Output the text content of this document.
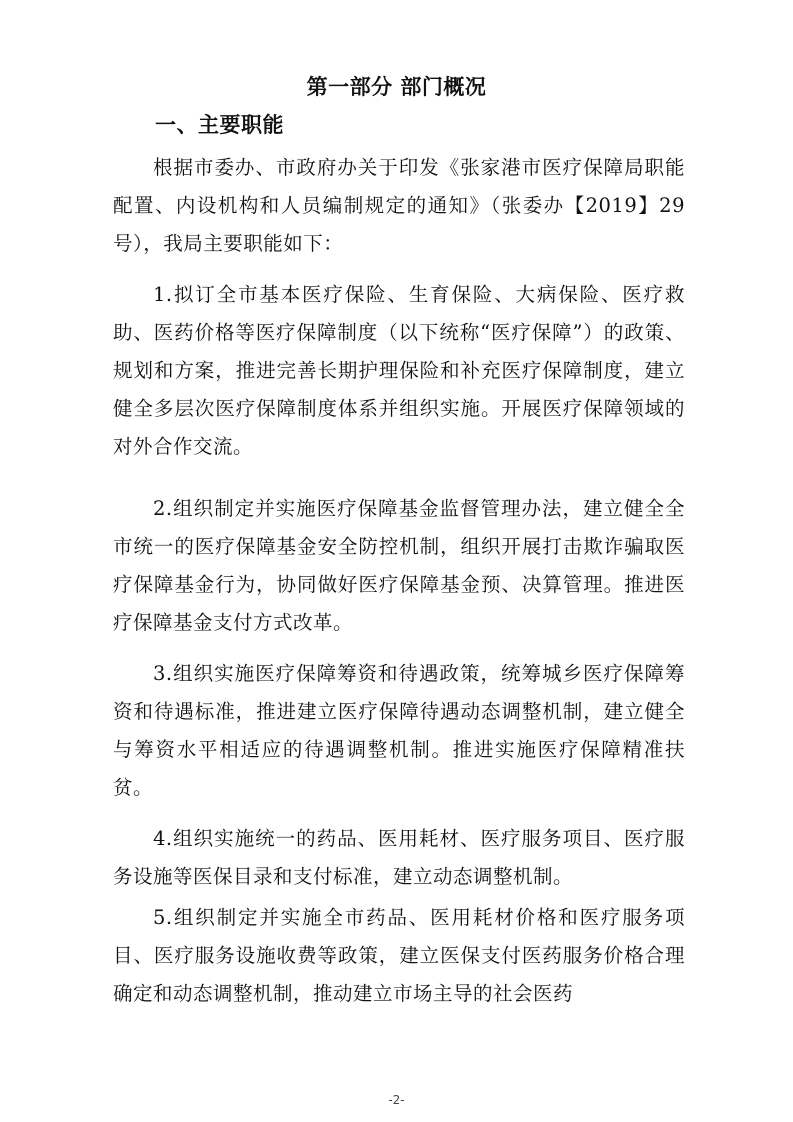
第一部分 部门概况
一、主要职能

根据市委办、市政府办关于印发《张家港市医疗保障局职能配置、内设机构和人员编制规定的通知》（张委办【2019】29号），我局主要职能如下：

1.拟订全市基本医疗保险、生育保险、大病保险、医疗救助、医药价格等医疗保障制度（以下统称“医疗保障”）的政策、规划和方案，推进完善长期护理保险和补充医疗保障制度，建立健全多层次医疗保障制度体系并组织实施。开展医疗保障领域的对外合作交流。

2.组织制定并实施医疗保障基金监督管理办法，建立健全全市统一的医疗保障基金安全防控机制，组织开展打击欺诈骗取医疗保障基金行为，协同做好医疗保障基金预、决算管理。推进医疗保障基金支付方式改革。

3.组织实施医疗保障筹资和待遇政策，统筹城乡医疗保障筹资和待遇标准，推进建立医疗保障待遇动态调整机制，建立健全与筹资水平相适应的待遇调整机制。推进实施医疗保障精准扶贫。

4.组织实施统一的药品、医用耗材、医疗服务项目、医疗服务设施等医保目录和支付标准，建立动态调整机制。

5.组织制定并实施全市药品、医用耗材价格和医疗服务项目、医疗服务设施收费等政策，建立医保支付医药服务价格合理确定和动态调整机制，推动建立市场主导的社会医药

-2-
